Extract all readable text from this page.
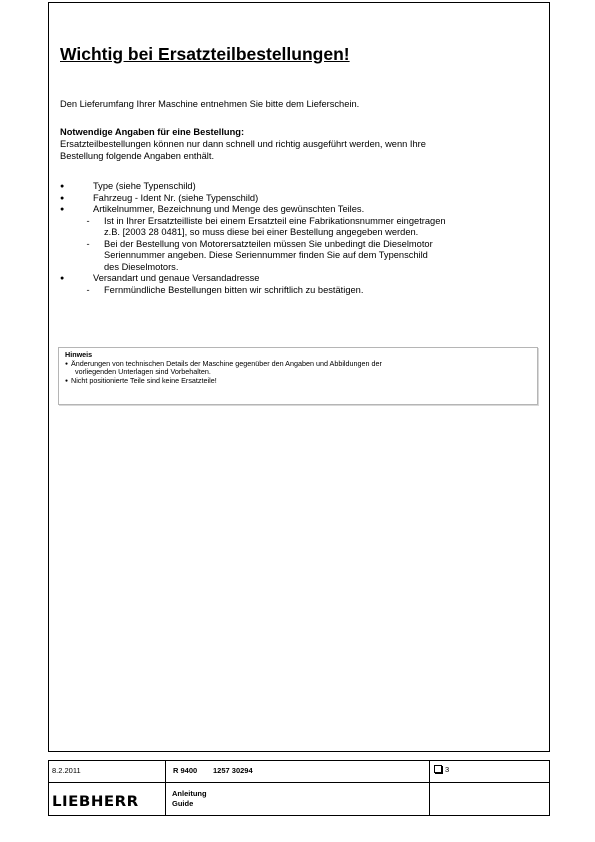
Wichtig bei Ersatzteilbestellungen!

Den Lieferumfang Ihrer Maschine entnehmen Sie bitte dem Lieferschein.

Notwendige Angaben für eine Bestellung:

Ersatzteilbestellungen können nur dann schnell und richtig ausgeführt werden, wenn Ihre

Bestellung folgende Angaben enthält.

●	Type (siehe Typenschild)
●	Fahrzeug - Ident Nr. (siehe Typenschild)
●	Artikelnummer, Bezeichnung und Menge des gewünschten Teiles.
-	Ist in Ihrer Ersatzteilliste bei einem Ersatzteil eine Fabrikationsnummer eingetragen
z.B. [2003 28 0481], so muss diese bei einer Bestellung angegeben werden.
-	Bei der Bestellung von Motorersatzteilen müssen Sie unbedingt die Dieselmotor
Seriennummer angeben. Diese Seriennummer finden Sie auf dem Typenschild
des Dieselmotors.
●	Versandart und genaue Versandadresse
-	Fernmündliche Bestellungen bitten wir schriftlich zu bestätigen.
Hinweis
● Änderungen von technischen Details der Maschine gegenüber den Angaben und Abbildungen der
vorliegenden Unterlagen sind Vorbehalten.
● Nicht positionierte Teile sind keine Ersatzteile!
8.2.2011	R 9400 1257 30294	3
LIEBHERR	Anleitung
Guide
